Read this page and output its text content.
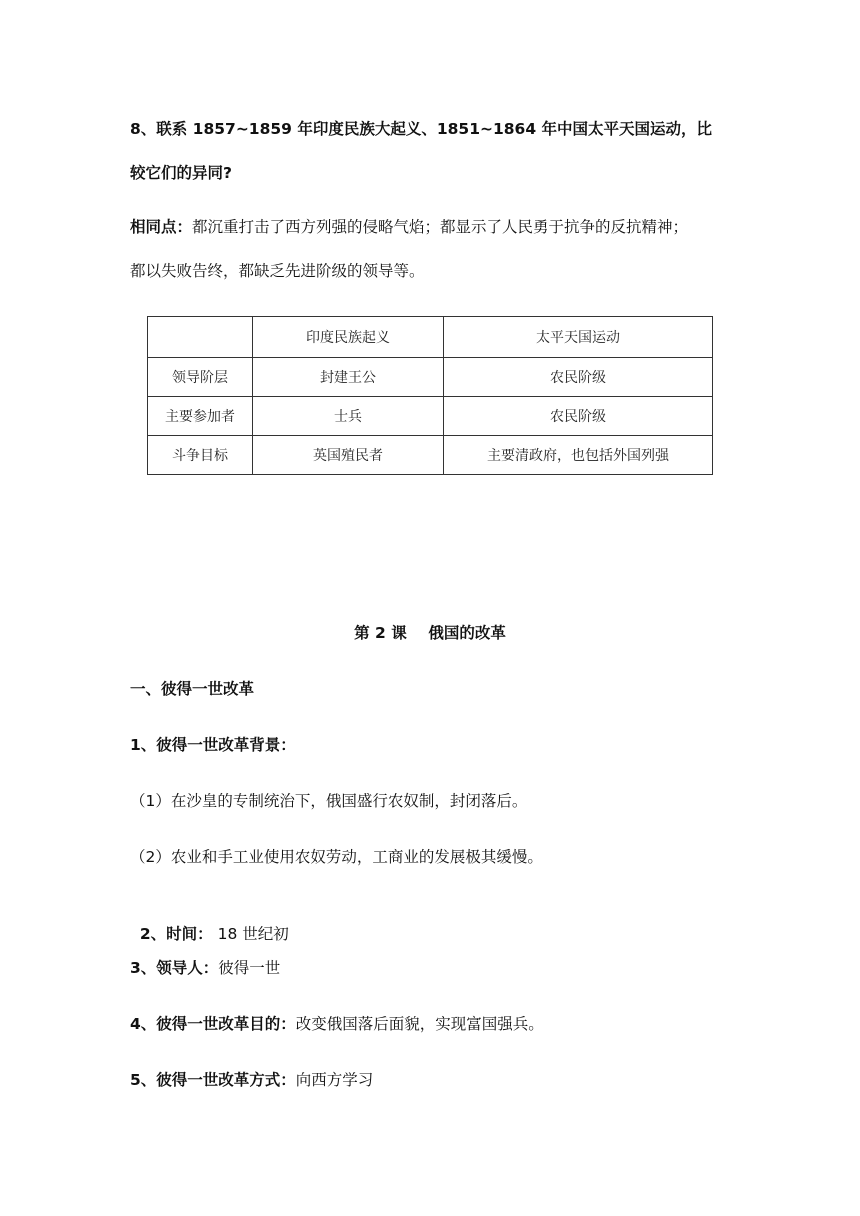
8、联系 1857~1859 年印度民族大起义、1851~1864 年中国太平天国运动，比
较它们的异同?
相同点：都沉重打击了西方列强的侵略气焰；都显示了人民勇于抗争的反抗精神；
都以失败告终，都缺乏先进阶级的领导等。
	印度民族起义	太平天国运动
领导阶层	封建王公	农民阶级
主要参加者	士兵	农民阶级
斗争目标	英国殖民者	主要清政府，也包括外国列强
第 2 课    俄国的改革
一、彼得一世改革
1、彼得一世改革背景：
（1）在沙皇的专制统治下，俄国盛行农奴制，封闭落后。
（2）农业和手工业使用农奴劳动，工商业的发展极其缓慢。

2、时间： 18 世纪初

3、领导人：彼得一世
4、彼得一世改革目的：改变俄国落后面貌，实现富国强兵。
5、彼得一世改革方式：向西方学习
